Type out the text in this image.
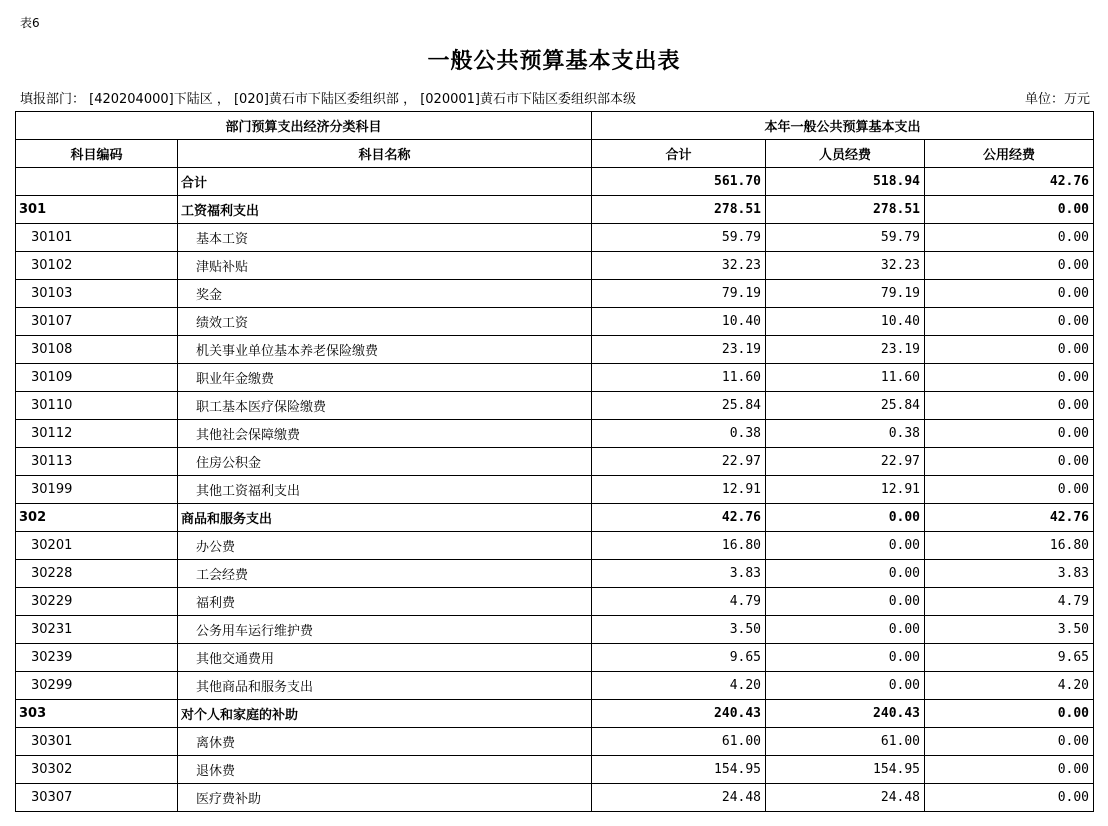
表6
一般公共预算基本支出表
填报部门： [420204000]下陆区 ， [020]黄石市下陆区委组织部 ， [020001]黄石市下陆区委组织部本级	单位：万元
部门预算支出经济分类科目		本年一般公共预算基本支出		
科目编码	科目名称	合计	人员经费	公用经费
	合计	561.70	518.94	42.76
301	工资福利支出	278.51	278.51	0.00
30101	基本工资	59.79	59.79	0.00
30102	津贴补贴	32.23	32.23	0.00
30103	奖金	79.19	79.19	0.00
30107	绩效工资	10.40	10.40	0.00
30108	机关事业单位基本养老保险缴费	23.19	23.19	0.00
30109	职业年金缴费	11.60	11.60	0.00
30110	职工基本医疗保险缴费	25.84	25.84	0.00
30112	其他社会保障缴费	0.38	0.38	0.00
30113	住房公积金	22.97	22.97	0.00
30199	其他工资福利支出	12.91	12.91	0.00
302	商品和服务支出	42.76	0.00	42.76
30201	办公费	16.80	0.00	16.80
30228	工会经费	3.83	0.00	3.83
30229	福利费	4.79	0.00	4.79
30231	公务用车运行维护费	3.50	0.00	3.50
30239	其他交通费用	9.65	0.00	9.65
30299	其他商品和服务支出	4.20	0.00	4.20
303	对个人和家庭的补助	240.43	240.43	0.00
30301	离休费	61.00	61.00	0.00
30302	退休费	154.95	154.95	0.00
30307	医疗费补助	24.48	24.48	0.00
